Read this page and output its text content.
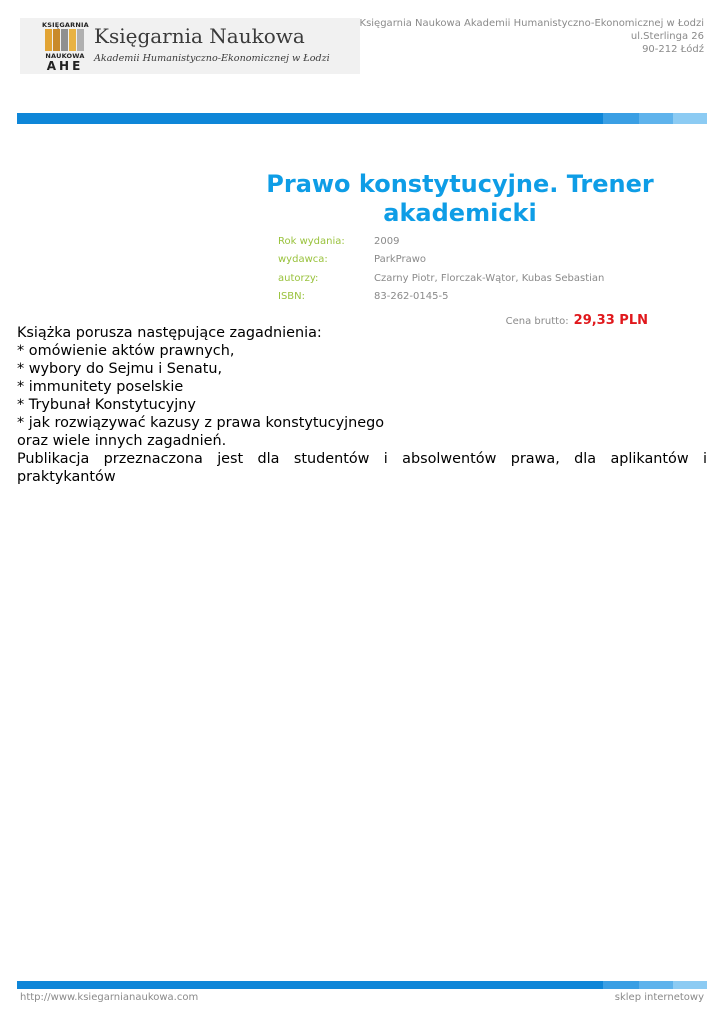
KSIĘGARNIA
NAUKOWA
AHE
Księgarnia Naukowa
Akademii Humanistyczno-Ekonomicznej w Łodzi
Księgarnia Naukowa Akademii Humanistyczno-Ekonomicznej w Łodzi
ul.Sterlinga 26
90-212 Łódź
Prawo konstytucyjne. Trener akademicki
Rok wydania:	2009
wydawca:	ParkPrawo
autorzy:	Czarny Piotr, Florczak-Wątor, Kubas Sebastian
ISBN:	83-262-0145-5
Cena brutto: 29,33 PLN
Książka porusza następujące zagadnienia:
* omówienie aktów prawnych,
* wybory do Sejmu i Senatu,
* immunitety poselskie
* Trybunał Konstytucyjny
* jak rozwiązywać kazusy z prawa konstytucyjnego
oraz wiele innych zagadnień.
Publikacja przeznaczona jest dla studentów i absolwentów prawa, dla aplikantów i praktykantów
http://www.ksiegarnianaukowa.com	sklep internetowy
